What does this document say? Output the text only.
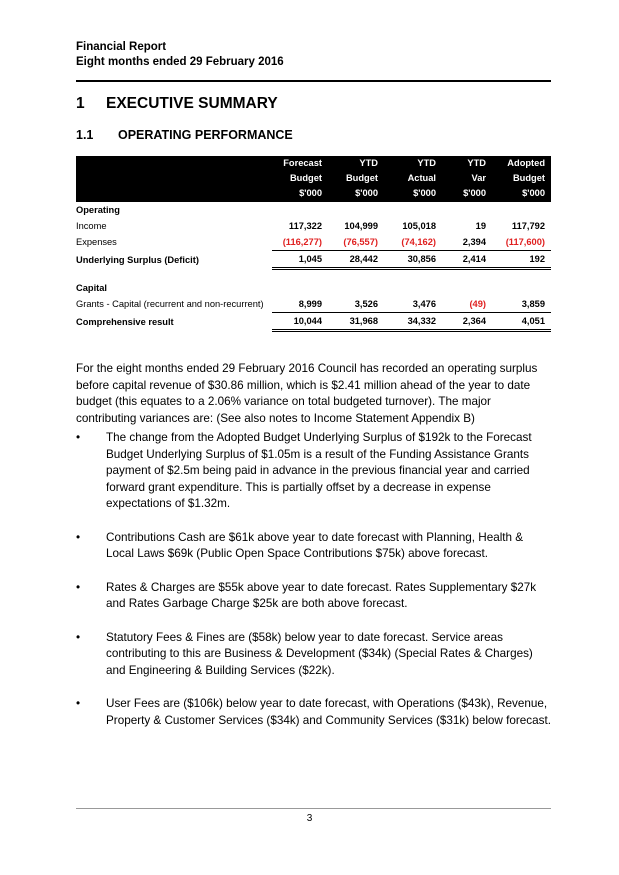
Financial Report
Eight months ended 29 February 2016
1 EXECUTIVE SUMMARY
1.1 OPERATING PERFORMANCE
	Forecast	YTD	YTD	YTD	Adopted
	Budget	Budget	Actual	Var	Budget
	$'000	$'000	$'000	$'000	$'000
Operating					
Income	117,322	104,999	105,018	19	117,792
Expenses	(116,277)	(76,557)	(74,162)	2,394	(117,600)
Underlying Surplus (Deficit)	1,045	28,442	30,856	2,414	192

Capital					
Grants - Capital (recurrent and non-recurrent)	8,999	3,526	3,476	(49)	3,859
Comprehensive result	10,044	31,968	34,332	2,364	4,051
For the eight months ended 29 February 2016 Council has recorded an operating surplus before capital revenue of $30.86 million, which is $2.41 million ahead of the year to date budget (this equates to a 2.06% variance on total budgeted turnover). The major contributing variances are: (See also notes to Income Statement Appendix B)
• The change from the Adopted Budget Underlying Surplus of $192k to the Forecast Budget Underlying Surplus of $1.05m is a result of the Funding Assistance Grants payment of $2.5m being paid in advance in the previous financial year and carried forward grant expenditure. This is partially offset by a decrease in expense expectations of $1.32m.
• Contributions Cash are $61k above year to date forecast with Planning, Health & Local Laws $69k (Public Open Space Contributions $75k) above forecast.
• Rates & Charges are $55k above year to date forecast. Rates Supplementary $27k and Rates Garbage Charge $25k are both above forecast.
• Statutory Fees & Fines are ($58k) below year to date forecast. Service areas contributing to this are Business & Development ($34k) (Special Rates & Charges) and Engineering & Building Services ($22k).
• User Fees are ($106k) below year to date forecast, with Operations ($43k), Revenue, Property & Customer Services ($34k) and Community Services ($31k) below forecast.
3
